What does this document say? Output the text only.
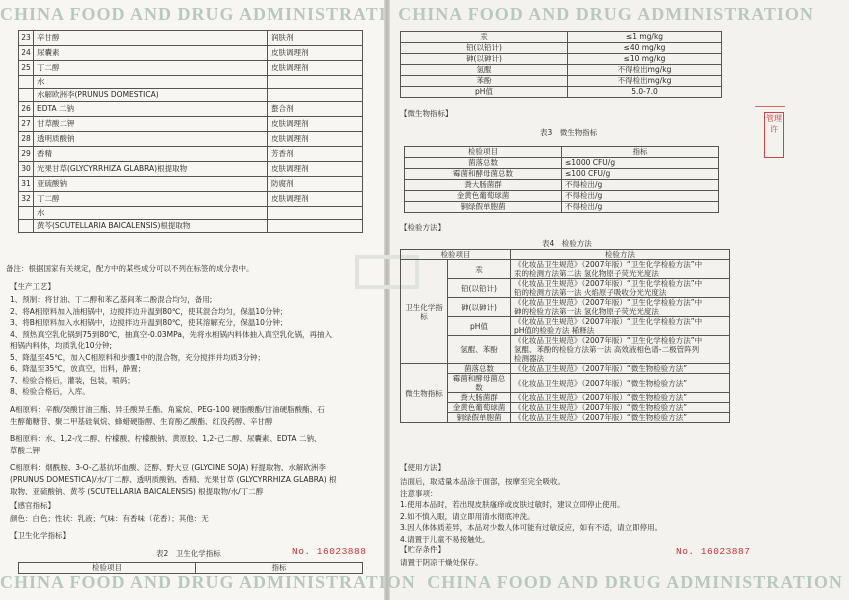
CHINA FOOD AND DRUG ADMINISTRATI CHINA FOOD AND DRUG ADMINISTRATION
23	辛甘醇	润肤剂
24	尿囊素	皮肤调理剂
25	丁二醇	皮肤调理剂
	水	
	水解欧洲李(PRUNUS DOMESTICA)	
26	EDTA 二钠	螯合剂
27	甘草酸二钾	皮肤调理剂
28	透明质酸钠	皮肤调理剂
29	香精	芳香剂
30	光果甘草(GLYCYRRHIZA GLABRA)根提取物	皮肤调理剂
31	亚硫酸钠	防腐剂
32	丁二醇	皮肤调理剂
	水	
	黄芩(SCUTELLARIA BAICALENSIS)根提取物	
备注：根据国家有关规定，配方中的某些成分可以不列在标签的成分表中。
【生产工艺】
1、预制：将甘油、丁二醇和苯乙基间苯二酚混合均匀，备用;
2、将A相原料加入油相锅中，边搅拌边升温到80℃，使其混合均匀，保温10分钟；
3、将B相原料加入水相锅中，边搅拌边升温到80℃，使其溶解充分，保温10分钟；
4、预热真空乳化锅到75到80℃，抽真空-0.03MPa，先将水相锅内料体抽入真空乳化锅，再抽入
相锅内料体，均质乳化10分钟;
5、降温至45℃，加入C相原料和步骤1中的混合物，充分搅拌并均质3分钟；
6、降温至35℃，放真空，出料，静置；
7、检验合格后，灌装，包装，喷码；
8、检验合格后，入库。
A相原料：辛酸/癸酸甘油三酯、异壬酸异壬酯、角鲨烷、PEG-100 硬脂酸酯/甘油硬脂酸酯、石
生醇葡糖苷、聚二甲基硅氧烷、蜂蜡硬脂醇、生育酚乙酸酯、红没药醇、辛甘醇
B相原料：水、1,2-戊二醇、柠檬酸、柠檬酸钠、黄原胶、1,2-己二醇、尿囊素、EDTA 二钠、
草酸二钾
C相原料：烟酰胺、3-O-乙基抗坏血酸、泛醇、野大豆 (GLYCINE SOJA) 籽提取物、水解欧洲李
(PRUNUS DOMESTICA)/水/丁二醇、透明质酸钠、香精、光果甘草 (GLYCYRRHIZA GLABRA) 根
取物、亚硫酸钠、黄芩 (SCUTELLARIA BAICALENSIS) 根提取物/水/丁二醇
【感官指标】
颜色：白色；性状：乳液；气味：有香味（花香）；其他：无
【卫生化学指标】
表2　卫生化学指标	No. 16023888
检验项目	指标
汞	≤1 mg/kg
铅(以铅计)	≤40 mg/kg
砷(以砷计)	≤10 mg/kg
氢醌	不得检出mg/kg
苯酚	不得检出mg/kg
pH值	5.0-7.0
【微生物指标】
表3　微生物指标
检验项目	指标
菌落总数	≤1000 CFU/g
霉菌和酵母菌总数	≤100 CFU/g
粪大肠菌群	不得检出/g
金黄色葡萄球菌	不得检出/g
铜绿假单胞菌	不得检出/g
【检验方法】
表4　检验方法
检验项目		检验方法
卫生化学指标	汞	《化妆品卫生规范》（2007年版）“卫生化学检验方法”中
汞的检测方法第二法 氢化物原子荧光光度法

	铅(以铅计)	《化妆品卫生规范》（2007年版）“卫生化学检验方法”中
铅的检测方法第一法 火焰原子吸收分光光度法

	砷(以砷计)	《化妆品卫生规范》（2007年版）“卫生化学检验方法”中
砷的检验方法第一法 氢化物原子荧光光度法

	pH值	《化妆品卫生规范》（2007年版）“卫生化学检验方法”中
pH值的检验方法 稀释法

	氢醌、苯酚	《化妆品卫生规范》（2007年版）“卫生化学检验方法”中
氢醌、苯酚的检验方法第一法 高效液相色谱-二极管阵列
检测器法

微生物指标	菌落总数	《化妆品卫生规范》（2007年版）“微生物检验方法”

	霉菌和酵母菌总数	《化妆品卫生规范》（2007年版）“微生物检验方法”

	粪大肠菌群	《化妆品卫生规范》（2007年版）“微生物检验方法”

	金黄色葡萄球菌	《化妆品卫生规范》（2007年版）“微生物检验方法”

	铜绿假单胞菌	《化妆品卫生规范》（2007年版）“微生物检验方法”
【使用方法】
洁面后，取适量本品涂于面部，按摩至完全吸收。
注意事项：
1.使用本品时，若出现皮肤瘙痒或皮肤过敏时，建议立即停止使用。
2.如不慎入眼，请立即用清水彻底冲洗。
3.因人体体质差异，本品对少数人体可能有过敏反应，如有不适，请立即停用。
4.请置于儿童不易接触处。
【贮存条件】
请置于阴凉干燥处保存。
No. 16023887
管理许
CHINA FOOD AND DRUG ADMINISTRATION CHINA FOOD AND DRUG ADMINISTRATION
